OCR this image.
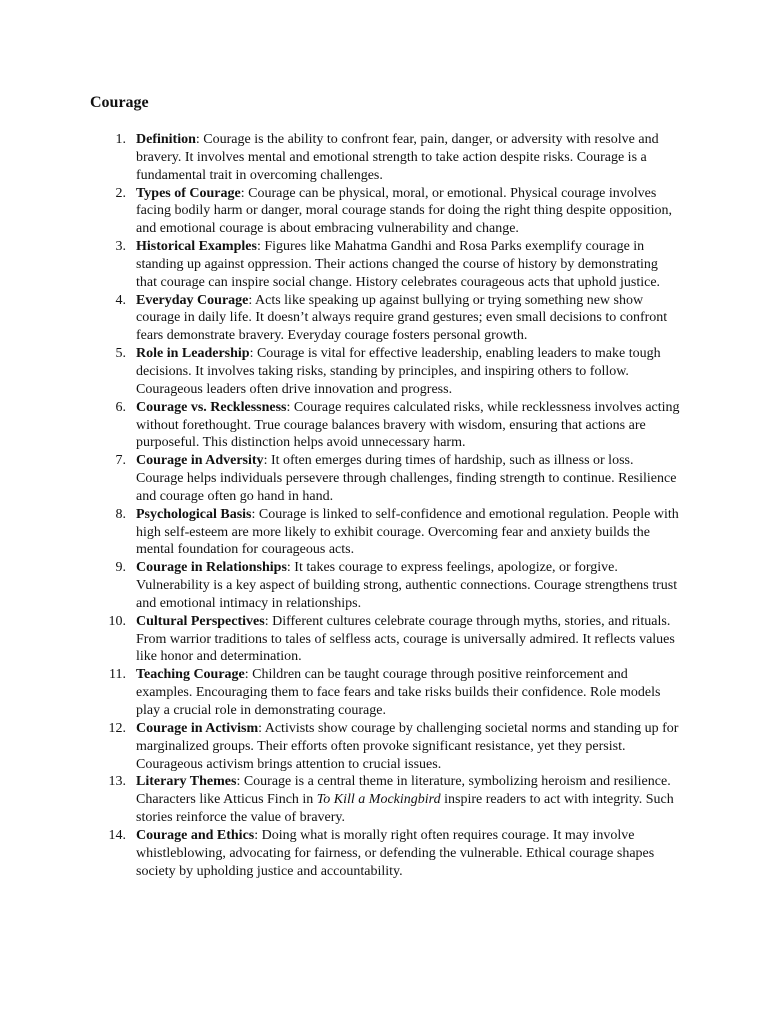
Courage
1. Definition: Courage is the ability to confront fear, pain, danger, or adversity with resolve and bravery. It involves mental and emotional strength to take action despite risks. Courage is a fundamental trait in overcoming challenges.
2. Types of Courage: Courage can be physical, moral, or emotional. Physical courage involves facing bodily harm or danger, moral courage stands for doing the right thing despite opposition, and emotional courage is about embracing vulnerability and change.
3. Historical Examples: Figures like Mahatma Gandhi and Rosa Parks exemplify courage in standing up against oppression. Their actions changed the course of history by demonstrating that courage can inspire social change. History celebrates courageous acts that uphold justice.
4. Everyday Courage: Acts like speaking up against bullying or trying something new show courage in daily life. It doesn’t always require grand gestures; even small decisions to confront fears demonstrate bravery. Everyday courage fosters personal growth.
5. Role in Leadership: Courage is vital for effective leadership, enabling leaders to make tough decisions. It involves taking risks, standing by principles, and inspiring others to follow. Courageous leaders often drive innovation and progress.
6. Courage vs. Recklessness: Courage requires calculated risks, while recklessness involves acting without forethought. True courage balances bravery with wisdom, ensuring that actions are purposeful. This distinction helps avoid unnecessary harm.
7. Courage in Adversity: It often emerges during times of hardship, such as illness or loss. Courage helps individuals persevere through challenges, finding strength to continue. Resilience and courage often go hand in hand.
8. Psychological Basis: Courage is linked to self-confidence and emotional regulation. People with high self-esteem are more likely to exhibit courage. Overcoming fear and anxiety builds the mental foundation for courageous acts.
9. Courage in Relationships: It takes courage to express feelings, apologize, or forgive. Vulnerability is a key aspect of building strong, authentic connections. Courage strengthens trust and emotional intimacy in relationships.
10. Cultural Perspectives: Different cultures celebrate courage through myths, stories, and rituals. From warrior traditions to tales of selfless acts, courage is universally admired. It reflects values like honor and determination.
11. Teaching Courage: Children can be taught courage through positive reinforcement and examples. Encouraging them to face fears and take risks builds their confidence. Role models play a crucial role in demonstrating courage.
12. Courage in Activism: Activists show courage by challenging societal norms and standing up for marginalized groups. Their efforts often provoke significant resistance, yet they persist. Courageous activism brings attention to crucial issues.
13. Literary Themes: Courage is a central theme in literature, symbolizing heroism and resilience. Characters like Atticus Finch in To Kill a Mockingbird inspire readers to act with integrity. Such stories reinforce the value of bravery.
14. Courage and Ethics: Doing what is morally right often requires courage. It may involve whistleblowing, advocating for fairness, or defending the vulnerable. Ethical courage shapes society by upholding justice and accountability.
